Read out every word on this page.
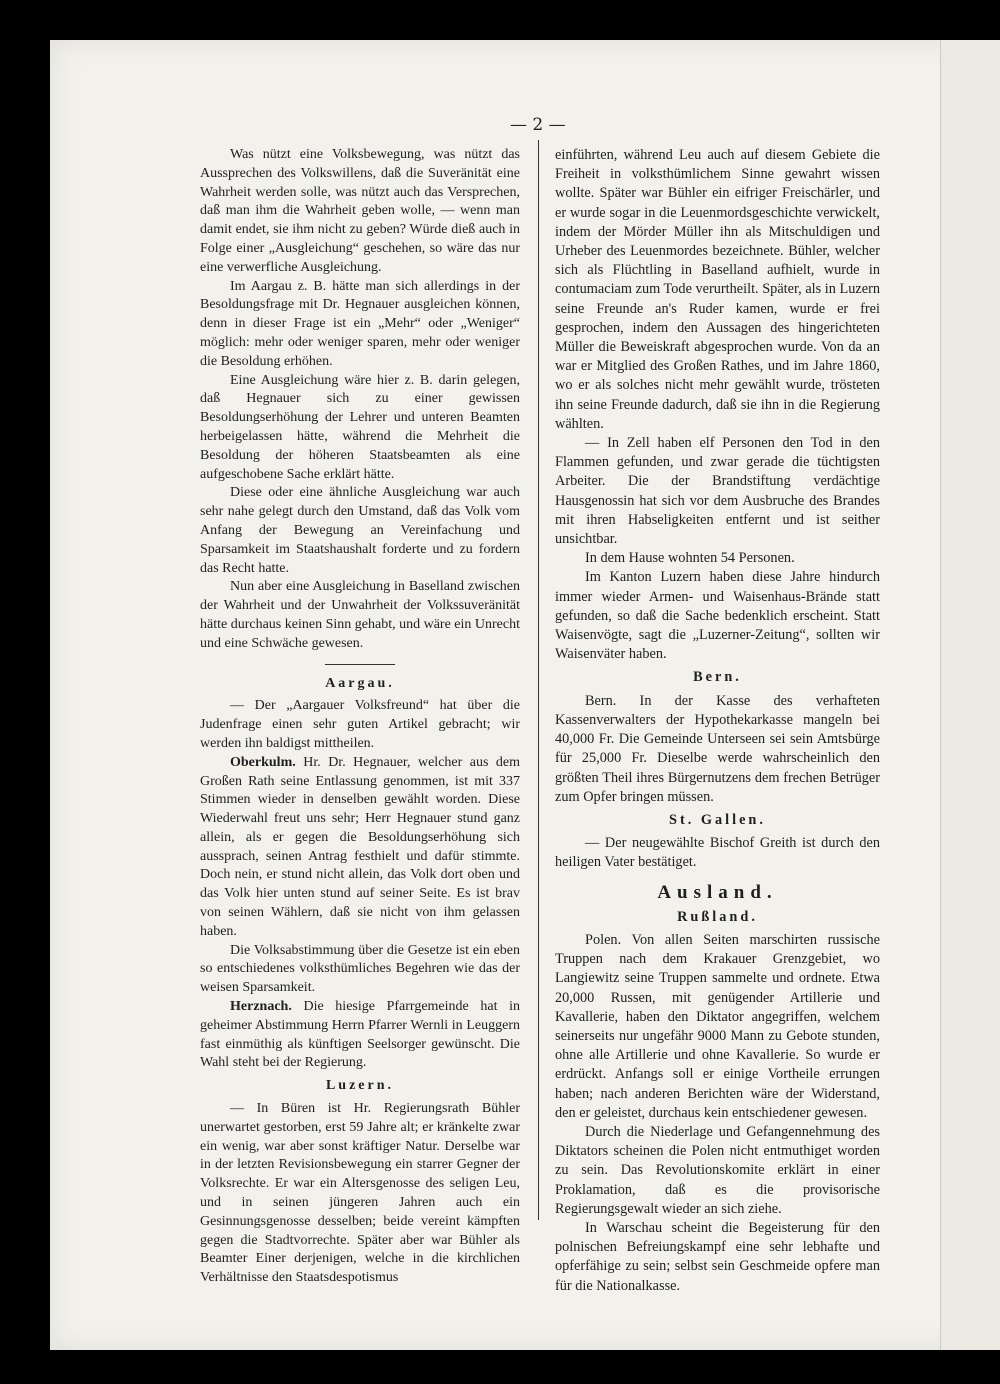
— 2 —

Was nützt eine Volksbewegung, was nützt das Aussprechen des Volkswillens, daß die Suveränität eine Wahrheit werden solle, was nützt auch das Versprechen, daß man ihm die Wahrheit geben wolle, — wenn man damit endet, sie ihm nicht zu geben? Würde dieß auch in Folge einer „Ausgleichung“ geschehen, so wäre das nur eine verwerfliche Ausgleichung.

Im Aargau z. B. hätte man sich allerdings in der Besoldungsfrage mit Dr. Hegnauer ausgleichen können, denn in dieser Frage ist ein „Mehr“ oder „Weniger“ möglich: mehr oder weniger sparen, mehr oder weniger die Besoldung erhöhen.

Eine Ausgleichung wäre hier z. B. darin gelegen, daß Hegnauer sich zu einer gewissen Besoldungserhöhung der Lehrer und unteren Beamten herbeigelassen hätte, während die Mehrheit die Besoldung der höheren Staatsbeamten als eine aufgeschobene Sache erklärt hätte.

Diese oder eine ähnliche Ausgleichung war auch sehr nahe gelegt durch den Umstand, daß das Volk vom Anfang der Bewegung an Vereinfachung und Sparsamkeit im Staatshaushalt forderte und zu fordern das Recht hatte.

Nun aber eine Ausgleichung in Baselland zwischen der Wahrheit und der Unwahrheit der Volkssuveränität hätte durchaus keinen Sinn gehabt, und wäre ein Unrecht und eine Schwäche gewesen.

Aargau.

— Der „Aargauer Volksfreund“ hat über die Judenfrage einen sehr guten Artikel gebracht; wir werden ihn baldigst mittheilen.

Oberkulm. Hr. Dr. Hegnauer, welcher aus dem Großen Rath seine Entlassung genommen, ist mit 337 Stimmen wieder in denselben gewählt worden. Diese Wiederwahl freut uns sehr; Herr Hegnauer stund ganz allein, als er gegen die Besoldungserhöhung sich aussprach, seinen Antrag festhielt und dafür stimmte. Doch nein, er stund nicht allein, das Volk dort oben und das Volk hier unten stund auf seiner Seite. Es ist brav von seinen Wählern, daß sie nicht von ihm gelassen haben.

Die Volksabstimmung über die Gesetze ist ein eben so entschiedenes volksthümliches Begehren wie das der weisen Sparsamkeit.

Herznach. Die hiesige Pfarrgemeinde hat in geheimer Abstimmung Herrn Pfarrer Wernli in Leuggern fast einmüthig als künftigen Seelsorger gewünscht. Die Wahl steht bei der Regierung.

Luzern.

— In Büren ist Hr. Regierungsrath Bühler unerwartet gestorben, erst 59 Jahre alt; er kränkelte zwar ein wenig, war aber sonst kräftiger Natur. Derselbe war in der letzten Revisionsbewegung ein starrer Gegner der Volksrechte. Er war ein Altersgenosse des seligen Leu, und in seinen jüngeren Jahren auch ein Gesinnungsgenosse desselben; beide vereint kämpften gegen die Stadtvorrechte. Später aber war Bühler als Beamter Einer derjenigen, welche in die kirchlichen Verhältnisse den Staatsdespotismus

einführten, während Leu auch auf diesem Gebiete die Freiheit in volksthümlichem Sinne gewahrt wissen wollte. Später war Bühler ein eifriger Freischärler, und er wurde sogar in die Leuenmordsgeschichte verwickelt, indem der Mörder Müller ihn als Mitschuldigen und Urheber des Leuenmordes bezeichnete. Bühler, welcher sich als Flüchtling in Baselland aufhielt, wurde in contumaciam zum Tode verurtheilt. Später, als in Luzern seine Freunde an's Ruder kamen, wurde er frei gesprochen, indem den Aussagen des hingerichteten Müller die Beweiskraft abgesprochen wurde. Von da an war er Mitglied des Großen Rathes, und im Jahre 1860, wo er als solches nicht mehr gewählt wurde, trösteten ihn seine Freunde dadurch, daß sie ihn in die Regierung wählten.

— In Zell haben elf Personen den Tod in den Flammen gefunden, und zwar gerade die tüchtigsten Arbeiter. Die der Brandstiftung verdächtige Hausgenossin hat sich vor dem Ausbruche des Brandes mit ihren Habseligkeiten entfernt und ist seither unsichtbar.

In dem Hause wohnten 54 Personen.

Im Kanton Luzern haben diese Jahre hindurch immer wieder Armen- und Waisenhaus-Brände statt gefunden, so daß die Sache bedenklich erscheint. Statt Waisenvögte, sagt die „Luzerner-Zeitung“, sollten wir Waisenväter haben.

Bern.

Bern. In der Kasse des verhafteten Kassenverwalters der Hypothekarkasse mangeln bei 40,000 Fr. Die Gemeinde Unterseen sei sein Amtsbürge für 25,000 Fr. Dieselbe werde wahrscheinlich den größten Theil ihres Bürgernutzens dem frechen Betrüger zum Opfer bringen müssen.

St. Gallen.

— Der neugewählte Bischof Greith ist durch den heiligen Vater bestätiget.

Ausland.
Rußland.

Polen. Von allen Seiten marschirten russische Truppen nach dem Krakauer Grenzgebiet, wo Langiewitz seine Truppen sammelte und ordnete. Etwa 20,000 Russen, mit genügender Artillerie und Kavallerie, haben den Diktator angegriffen, welchem seinerseits nur ungefähr 9000 Mann zu Gebote stunden, ohne alle Artillerie und ohne Kavallerie. So wurde er erdrückt. Anfangs soll er einige Vortheile errungen haben; nach anderen Berichten wäre der Widerstand, den er geleistet, durchaus kein entschiedener gewesen.

Durch die Niederlage und Gefangennehmung des Diktators scheinen die Polen nicht entmuthiget worden zu sein. Das Revolutionskomite erklärt in einer Proklamation, daß es die provisorische Regierungsgewalt wieder an sich ziehe.

In Warschau scheint die Begeisterung für den polnischen Befreiungskampf eine sehr lebhafte und opferfähige zu sein; selbst sein Geschmeide opfere man für die Nationalkasse.
